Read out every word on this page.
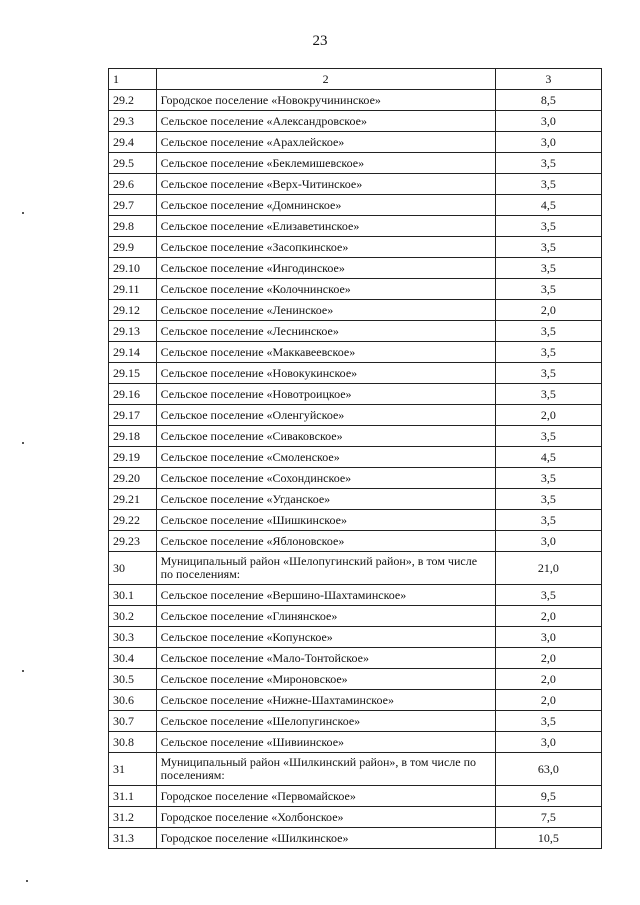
23
1	2	3
29.2	Городское поселение «Новокручининское»	8,5
29.3	Сельское поселение «Александровское»	3,0
29.4	Сельское поселение «Арахлейское»	3,0
29.5	Сельское поселение «Беклемишевское»	3,5
29.6	Сельское поселение «Верх-Читинское»	3,5
29.7	Сельское поселение «Домнинское»	4,5
29.8	Сельское поселение «Елизаветинское»	3,5
29.9	Сельское поселение «Засопкинское»	3,5
29.10	Сельское поселение «Ингодинское»	3,5
29.11	Сельское поселение «Колочнинское»	3,5
29.12	Сельское поселение «Ленинское»	2,0
29.13	Сельское поселение «Леснинское»	3,5
29.14	Сельское поселение «Маккавеевское»	3,5
29.15	Сельское поселение «Новокукинское»	3,5
29.16	Сельское поселение «Новотроицкое»	3,5
29.17	Сельское поселение «Оленгуйское»	2,0
29.18	Сельское поселение «Сиваковское»	3,5
29.19	Сельское поселение «Смоленское»	4,5
29.20	Сельское поселение «Сохондинское»	3,5
29.21	Сельское поселение «Угданское»	3,5
29.22	Сельское поселение «Шишкинское»	3,5
29.23	Сельское поселение «Яблоновское»	3,0
30	Муниципальный район «Шелопугинский район», в том числе по поселениям:	21,0
30.1	Сельское поселение «Вершино-Шахтаминское»	3,5
30.2	Сельское поселение «Глинянское»	2,0
30.3	Сельское поселение «Копунское»	3,0
30.4	Сельское поселение «Мало-Тонтойское»	2,0
30.5	Сельское поселение «Мироновское»	2,0
30.6	Сельское поселение «Нижне-Шахтаминское»	2,0
30.7	Сельское поселение «Шелопугинское»	3,5
30.8	Сельское поселение «Шивиинское»	3,0
31	Муниципальный район «Шилкинский район», в том числе по поселениям:	63,0
31.1	Городское поселение «Первомайское»	9,5
31.2	Городское поселение «Холбонское»	7,5
31.3	Городское поселение «Шилкинское»	10,5
